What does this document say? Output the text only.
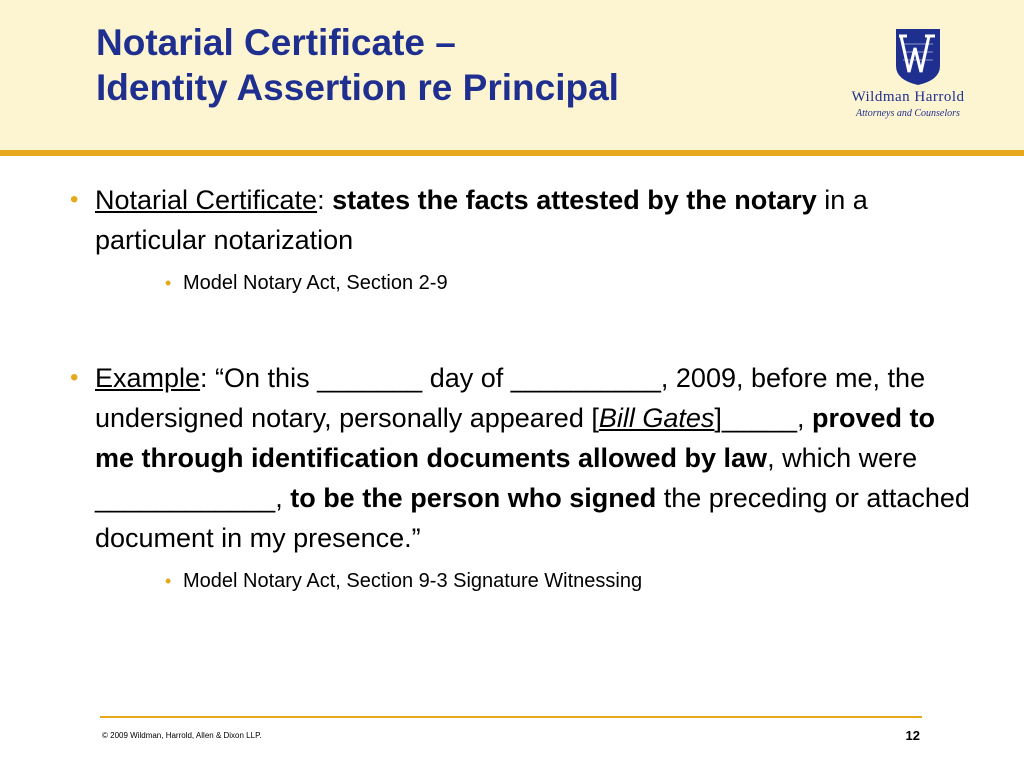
Notarial Certificate –
Identity Assertion re Principal	Wildman Harrold
Attorneys and Counselors
• Notarial Certificate: states the facts attested by the notary in a particular notarization
• Model Notary Act, Section 2-9
• Example: “On this _______ day of __________, 2009, before me, the undersigned notary, personally appeared [Bill Gates]_____, proved to me through identification documents allowed by law, which were ____________, to be the person who signed the preceding or attached document in my presence.”
• Model Notary Act, Section 9-3 Signature Witnessing
© 2009 Wildman, Harrold, Allen & Dixon LLP.	12
